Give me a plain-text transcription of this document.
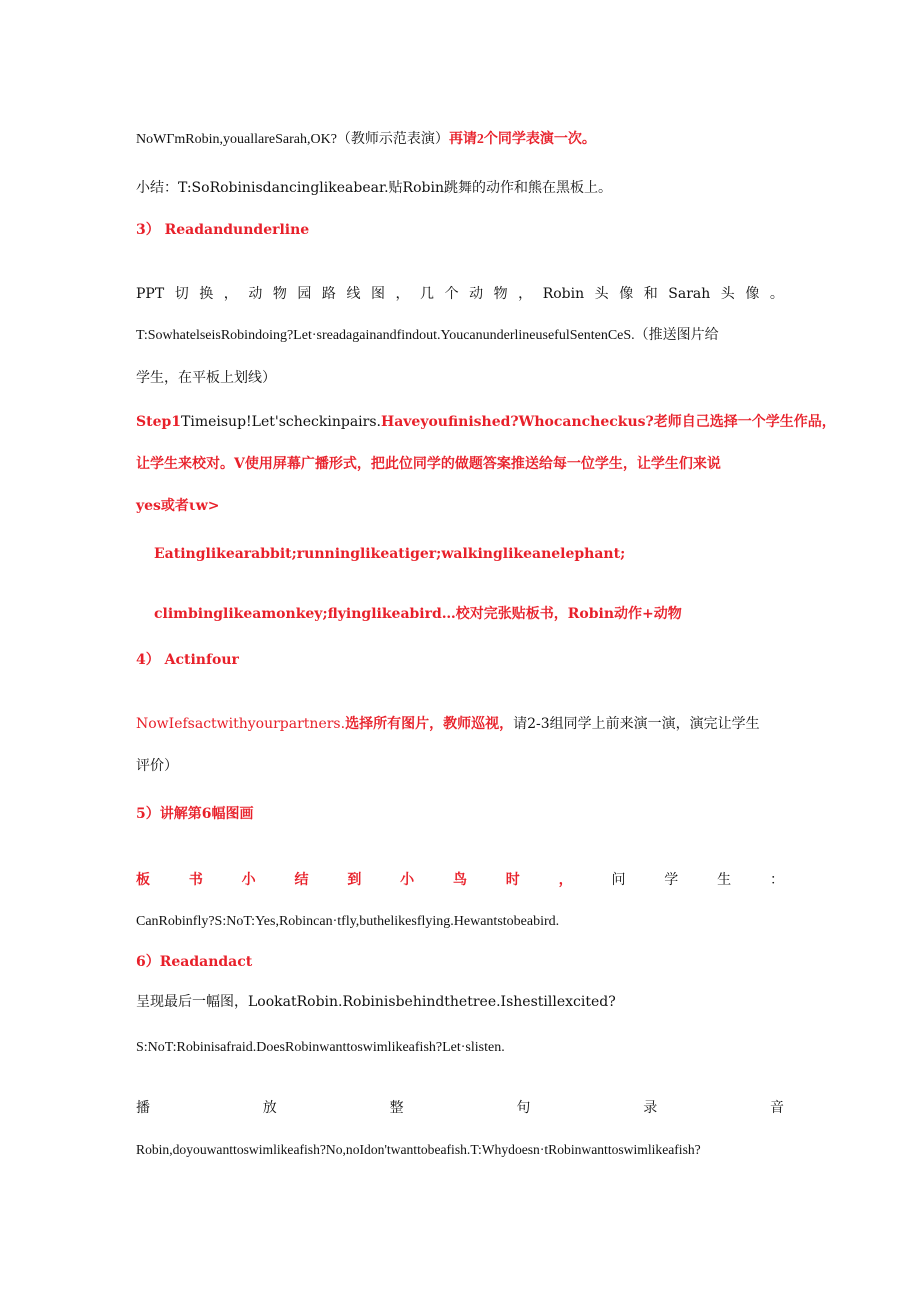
NoWΓmRobin,youallareSarah,OK?（教师示范表演）再请2个同学表演一次。
小结：T:SoRobinisdancinglikeabear.贴Robin跳舞的动作和熊在黑板上。
3） Readandunderline
PPT 切 换 ， 动 物 园 路 线 图 ， 几 个 动 物 ， Robin 头 像 和 Sarah 头 像 。
T:SowhatelseisRobindoing?Let·sreadagainandfindout.YoucanunderlineusefulSentenCeS.（推送图片给
学生，在平板上划线）
Step1Timeisup!Let'scheckinpairs.Haveyoufinished?Whocancheckus?老师自己选择一个学生作品，
让学生来校对。V使用屏幕广播形式，把此位同学的做题答案推送给每一位学生，让学生们来说
yes或者ιw>
Eatinglikearabbit;runninglikeatiger;walkinglikeanelephant;
climbinglikeamonkey;flyinglikeabird…校对完张贴板书，Robin动作+动物
4） Actinfour
NowIefsactwithyourpartners.选择所有图片，教师巡视，请2-3组同学上前来演一演，演完让学生
评价）
5）讲解第6幅图画
板	书	小	结	到	小	鸟	时	，	问	学	生	：
CanRobinfly?S:NoT:Yes,Robincan·tfly,buthelikesflying.Hewantstobeabird.
6）Readandact
呈现最后一幅图，LookatRobin.Robinisbehindthetree.Ishestillexcited?
S:NoT:Robinisafraid.DoesRobinwanttoswimlikeafish?Let·slisten.
播	放	整	句	录	音
Robin,doyouwanttoswimlikeafish?No,noIdon'twanttobeafish.T:Whydoesn·tRobinwanttoswimlikeafish?
